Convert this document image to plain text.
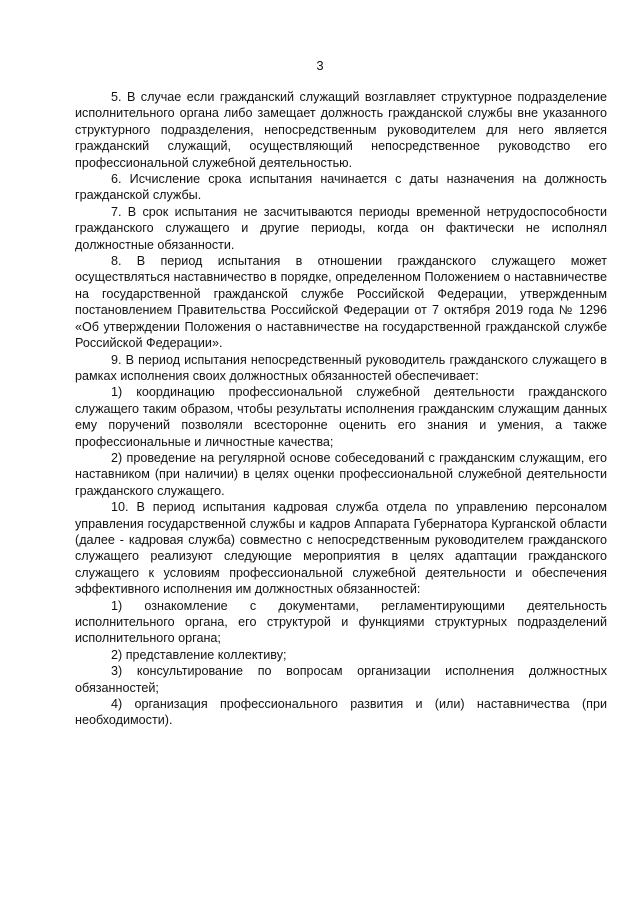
3

5. В случае если гражданский служащий возглавляет структурное подразделение исполнительного органа либо замещает должность гражданской службы вне указанного структурного подразделения, непосредственным руководителем для него является гражданский служащий, осуществляющий непосредственное руководство его профессиональной служебной деятельностью.

6. Исчисление срока испытания начинается с даты назначения на должность гражданской службы.

7. В срок испытания не засчитываются периоды временной нетрудоспособности гражданского служащего и другие периоды, когда он фактически не исполнял должностные обязанности.

8. В период испытания в отношении гражданского служащего может осуществляться наставничество в порядке, определенном Положением о наставничестве на государственной гражданской службе Российской Федерации, утвержденным постановлением Правительства Российской Федерации от 7 октября 2019 года № 1296 «Об утверждении Положения о наставничестве на государственной гражданской службе Российской Федерации».

9. В период испытания непосредственный руководитель гражданского служащего в рамках исполнения своих должностных обязанностей обеспечивает:

1) координацию профессиональной служебной деятельности гражданского служащего таким образом, чтобы результаты исполнения гражданским служащим данных ему поручений позволяли всесторонне оценить его знания и умения, а также профессиональные и личностные качества;

2) проведение на регулярной основе собеседований с гражданским служащим, его наставником (при наличии) в целях оценки профессиональной служебной деятельности гражданского служащего.

10. В период испытания кадровая служба отдела по управлению персоналом управления государственной службы и кадров Аппарата Губернатора Курганской области (далее - кадровая служба) совместно с непосредственным руководителем гражданского служащего реализуют следующие мероприятия в целях адаптации гражданского служащего к условиям профессиональной служебной деятельности и обеспечения эффективного исполнения им должностных обязанностей:

1) ознакомление с документами, регламентирующими деятельность исполнительного органа, его структурой и функциями структурных подразделений исполнительного органа;

2) представление коллективу;

3) консультирование по вопросам организации исполнения должностных обязанностей;

4) организация профессионального развития и (или) наставничества (при необходимости).
